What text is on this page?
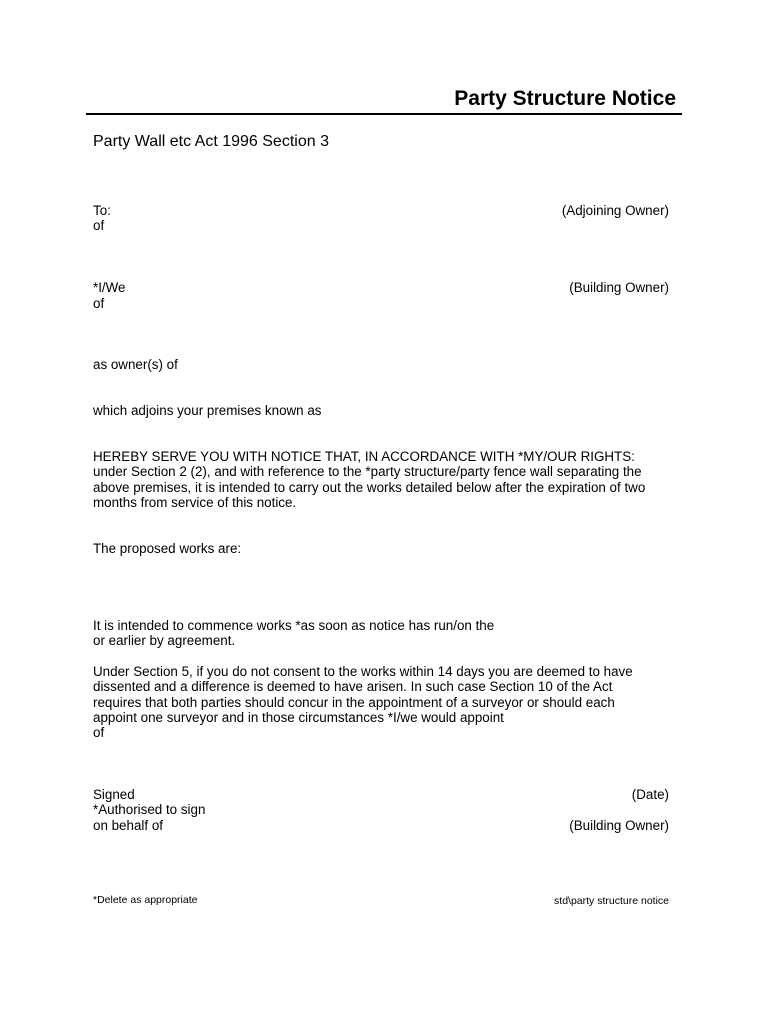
Party Structure Notice
Party Wall etc Act 1996 Section 3
To:	(Adjoining Owner)
of
*I/We	(Building Owner)
of
as owner(s) of
which adjoins your premises known as
HEREBY SERVE YOU WITH NOTICE THAT, IN ACCORDANCE WITH *MY/OUR RIGHTS:
under Section 2 (2), and with reference to the *party structure/party fence wall separating the
above premises, it is intended to carry out the works detailed below after the expiration of two
months from service of this notice.
The proposed works are:
It is intended to commence works *as soon as notice has run/on the
or earlier by agreement.
Under Section 5, if you do not consent to the works within 14 days you are deemed to have
dissented and a difference is deemed to have arisen. In such case Section 10 of the Act
requires that both parties should concur in the appointment of a surveyor or should each
appoint one surveyor and in those circumstances *I/we would appoint
of
Signed	(Date)
*Authorised to sign
on behalf of	(Building Owner)
*Delete as appropriate	std\party structure notice
